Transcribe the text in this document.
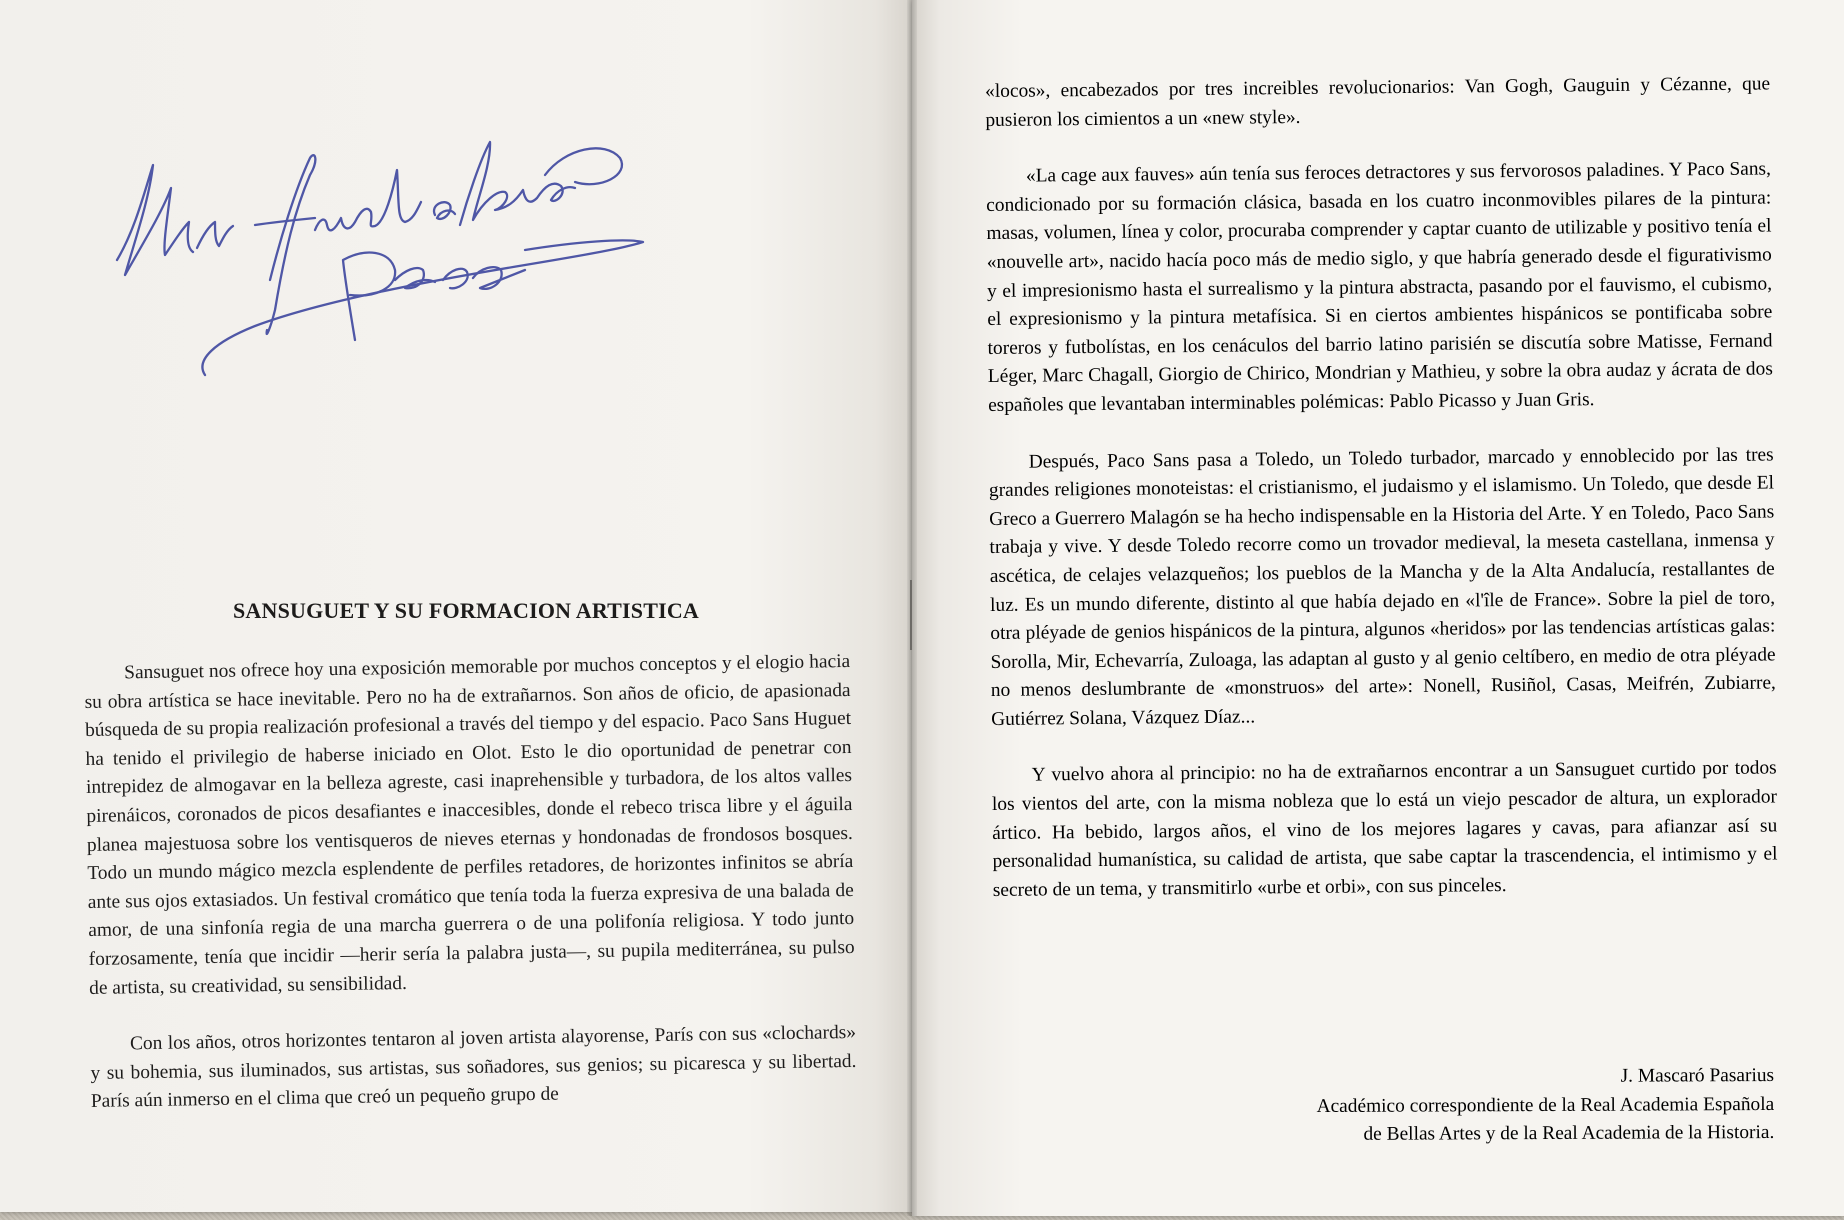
SANSUGUET Y SU FORMACION ARTISTICA

Sansuguet nos ofrece hoy una exposición memorable por muchos conceptos y el elogio hacia su obra artística se hace inevitable. Pero no ha de extrañarnos. Son años de oficio, de apasionada búsqueda de su propia realización profesional a través del tiempo y del espacio. Paco Sans Huguet ha tenido el privilegio de haberse iniciado en Olot. Esto le dio oportunidad de penetrar con intrepidez de almogavar en la belleza agreste, casi inaprehensible y turbadora, de los altos valles pirenáicos, coronados de picos desafiantes e inaccesibles, donde el rebeco trisca libre y el águila planea majestuosa sobre los ventisqueros de nieves eternas y hondonadas de frondosos bosques. Todo un mundo mágico mezcla esplendente de perfiles retadores, de horizontes infinitos se abría ante sus ojos extasiados. Un festival cromático que tenía toda la fuerza expresiva de una balada de amor, de una sinfonía regia de una marcha guerrera o de una polifonía religiosa. Y todo junto forzosamente, tenía que incidir —herir sería la palabra justa—, su pupila mediterránea, su pulso de artista, su creatividad, su sensibilidad.

Con los años, otros horizontes tentaron al joven artista alayorense, París con sus «clochards» y su bohemia, sus iluminados, sus artistas, sus soñadores, sus genios; su picaresca y su libertad. París aún inmerso en el clima que creó un pequeño grupo de

«locos», encabezados por tres increibles revolucionarios: Van Gogh, Gauguin y Cézanne, que pusieron los cimientos a un «new style».

«La cage aux fauves» aún tenía sus feroces detractores y sus fervorosos paladines. Y Paco Sans, condicionado por su formación clásica, basada en los cuatro inconmovibles pilares de la pintura: masas, volumen, línea y color, procuraba comprender y captar cuanto de utilizable y positivo tenía el «nouvelle art», nacido hacía poco más de medio siglo, y que habría generado desde el figurativismo y el impresionismo hasta el surrealismo y la pintura abstracta, pasando por el fauvismo, el cubismo, el expresionismo y la pintura metafísica. Si en ciertos ambientes hispánicos se pontificaba sobre toreros y futbolístas, en los cenáculos del barrio latino parisién se discutía sobre Matisse, Fernand Léger, Marc Chagall, Giorgio de Chirico, Mondrian y Mathieu, y sobre la obra audaz y ácrata de dos españoles que levantaban interminables polémicas: Pablo Picasso y Juan Gris.

Después, Paco Sans pasa a Toledo, un Toledo turbador, marcado y ennoblecido por las tres grandes religiones monoteistas: el cristianismo, el judaismo y el islamismo. Un Toledo, que desde El Greco a Guerrero Malagón se ha hecho indispensable en la Historia del Arte. Y en Toledo, Paco Sans trabaja y vive. Y desde Toledo recorre como un trovador medieval, la meseta castellana, inmensa y ascética, de celajes velazqueños; los pueblos de la Mancha y de la Alta Andalucía, restallantes de luz. Es un mundo diferente, distinto al que había dejado en «l'île de France». Sobre la piel de toro, otra pléyade de genios hispánicos de la pintura, algunos «heridos» por las tendencias artísticas galas: Sorolla, Mir, Echevarría, Zuloaga, las adaptan al gusto y al genio celtíbero, en medio de otra pléyade no menos deslumbrante de «monstruos» del arte»: Nonell, Rusiñol, Casas, Meifrén, Zubiarre, Gutiérrez Solana, Vázquez Díaz...

Y vuelvo ahora al principio: no ha de extrañarnos encontrar a un Sansuguet curtido por todos los vientos del arte, con la misma nobleza que lo está un viejo pescador de altura, un explorador ártico. Ha bebido, largos años, el vino de los mejores lagares y cavas, para afianzar así su personalidad humanística, su calidad de artista, que sabe captar la trascendencia, el intimismo y el secreto de un tema, y transmitirlo «urbe et orbi», con sus pinceles.

J. Mascaró Pasarius
Académico correspondiente de la Real Academia Española
de Bellas Artes y de la Real Academia de la Historia.
